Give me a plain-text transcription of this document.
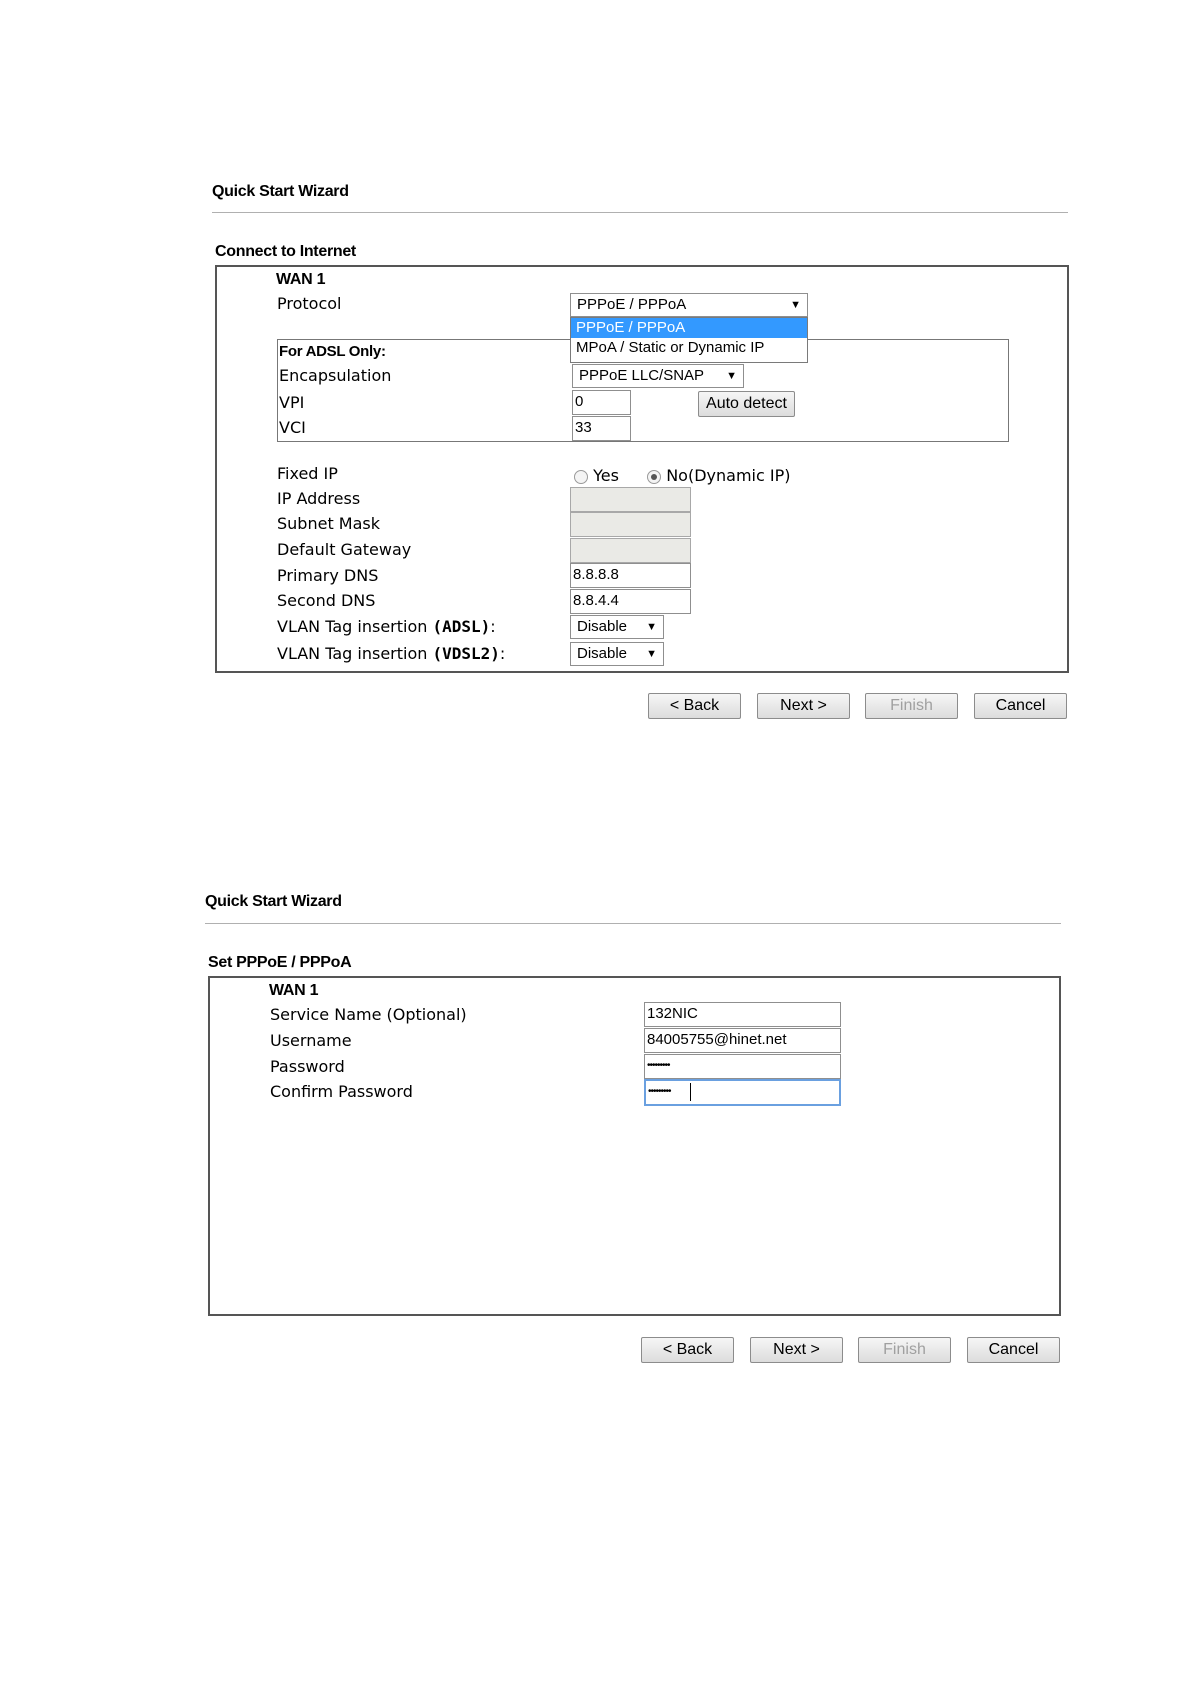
Quick Start Wizard
Connect to Internet
WAN 1
Protocol	PPPoE / PPPoA	▼
For ADSL Only:
Encapsulation	PPPoE LLC/SNAP ▼
VPI	0	Auto detect
VCI	33
Fixed IP	Yes	No(Dynamic IP)
IP Address
Subnet Mask
Default Gateway
Primary DNS	8.8.8.8
Second DNS	8.8.4.4
VLAN Tag insertion (ADSL):	Disable ▼
VLAN Tag insertion (VDSL2):	Disable ▼
PPPoE / PPPoA
MPoA / Static or Dynamic IP
< Back	Next >	Finish	Cancel
Quick Start Wizard
Set PPPoE / PPPoA
WAN 1
Service Name (Optional)	132NIC
Username	84005755@hinet.net
Password	•••••••••
Confirm Password	•••••••••
< Back	Next >	Finish	Cancel
